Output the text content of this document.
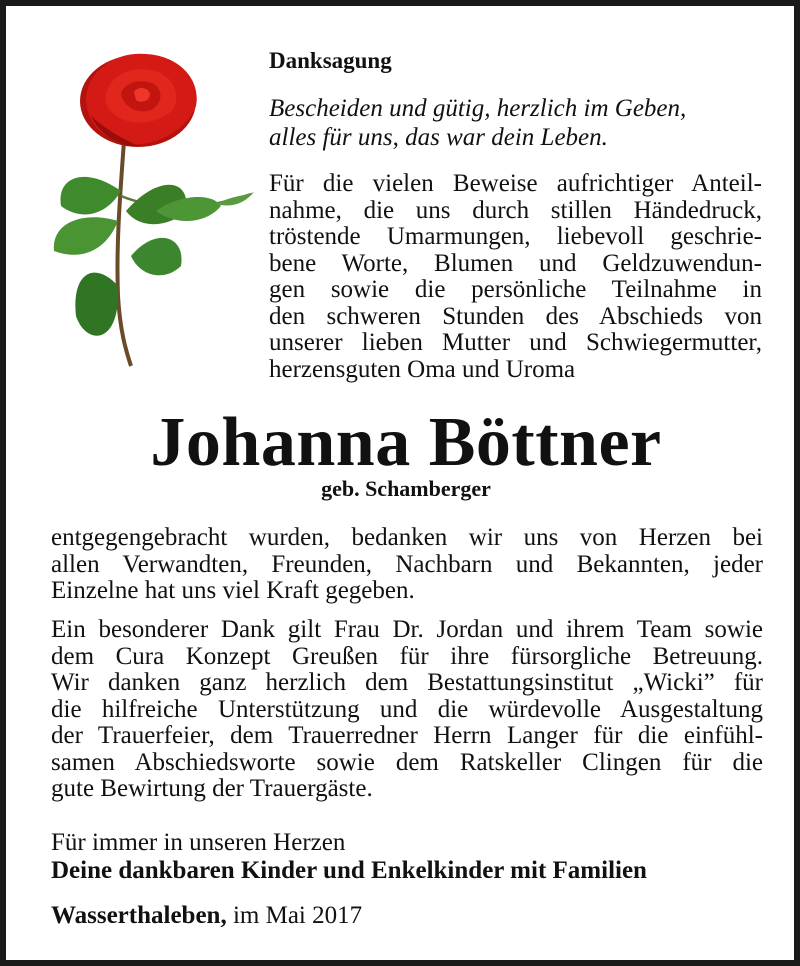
Danksagung
Bescheiden und gütig, herzlich im Geben,
alles für uns, das war dein Leben.
Für die vielen Beweise aufrichtiger Anteil-
nahme, die uns durch stillen Händedruck,
tröstende Umarmungen, liebevoll geschrie-
bene Worte, Blumen und Geldzuwendun-
gen sowie die persönliche Teilnahme in
den schweren Stunden des Abschieds von
unserer lieben Mutter und Schwiegermutter,
herzensguten Oma und Uroma
Johanna Böttner
geb. Schamberger
entgegengebracht wurden, bedanken wir uns von Herzen bei
allen Verwandten, Freunden, Nachbarn und Bekannten, jeder
Einzelne hat uns viel Kraft gegeben.
Ein besonderer Dank gilt Frau Dr. Jordan und ihrem Team sowie
dem Cura Konzept Greußen für ihre fürsorgliche Betreuung.
Wir danken ganz herzlich dem Bestattungsinstitut „Wicki” für
die hilfreiche Unterstützung und die würdevolle Ausgestaltung
der Trauerfeier, dem Trauerredner Herrn Langer für die einfühl-
samen Abschiedsworte sowie dem Ratskeller Clingen für die
gute Bewirtung der Trauergäste.
Für immer in unseren Herzen
Deine dankbaren Kinder und Enkelkinder mit Familien
Wasserthaleben, im Mai 2017
